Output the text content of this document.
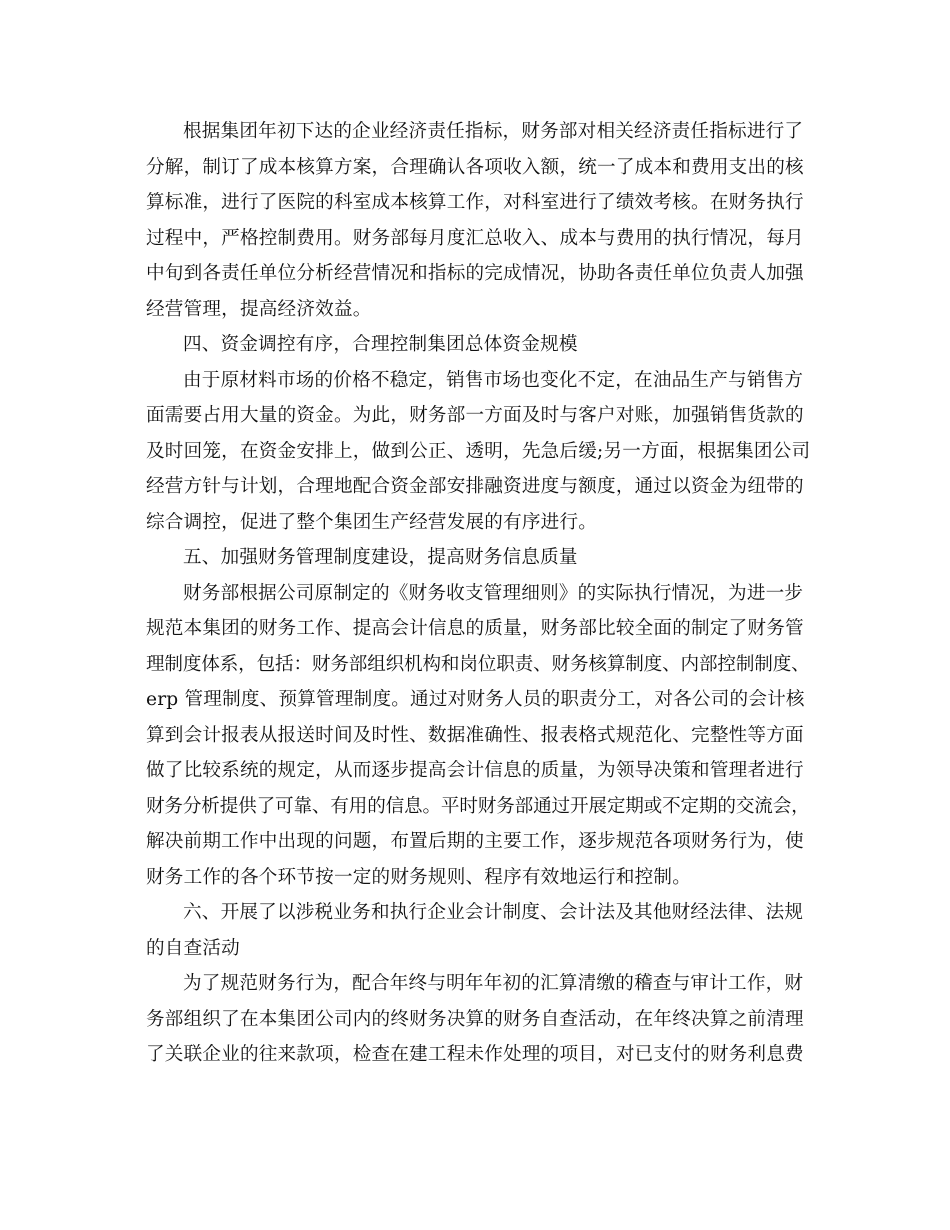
根据集团年初下达的企业经济责任指标，财务部对相关经济责任指标进行了
分解，制订了成本核算方案，合理确认各项收入额，统一了成本和费用支出的核
算标准，进行了医院的科室成本核算工作，对科室进行了绩效考核。在财务执行
过程中，严格控制费用。财务部每月度汇总收入、成本与费用的执行情况，每月
中旬到各责任单位分析经营情况和指标的完成情况，协助各责任单位负责人加强
经营管理，提高经济效益。
四、资金调控有序，合理控制集团总体资金规模
由于原材料市场的价格不稳定，销售市场也变化不定，在油品生产与销售方
面需要占用大量的资金。为此，财务部一方面及时与客户对账，加强销售货款的
及时回笼，在资金安排上，做到公正、透明，先急后缓;另一方面，根据集团公司
经营方针与计划，合理地配合资金部安排融资进度与额度，通过以资金为纽带的
综合调控，促进了整个集团生产经营发展的有序进行。
五、加强财务管理制度建设，提高财务信息质量
财务部根据公司原制定的《财务收支管理细则》的实际执行情况，为进一步
规范本集团的财务工作、提高会计信息的质量，财务部比较全面的制定了财务管
理制度体系，包括：财务部组织机构和岗位职责、财务核算制度、内部控制制度、
erp 管理制度、预算管理制度。通过对财务人员的职责分工，对各公司的会计核
算到会计报表从报送时间及时性、数据准确性、报表格式规范化、完整性等方面
做了比较系统的规定，从而逐步提高会计信息的质量，为领导决策和管理者进行
财务分析提供了可靠、有用的信息。平时财务部通过开展定期或不定期的交流会，
解决前期工作中出现的问题，布置后期的主要工作，逐步规范各项财务行为，使
财务工作的各个环节按一定的财务规则、程序有效地运行和控制。
六、开展了以涉税业务和执行企业会计制度、会计法及其他财经法律、法规
的自查活动
为了规范财务行为，配合年终与明年年初的汇算清缴的稽查与审计工作，财
务部组织了在本集团公司内的终财务决算的财务自查活动，在年终决算之前清理
了关联企业的往来款项，检查在建工程未作处理的项目，对已支付的财务利息费
